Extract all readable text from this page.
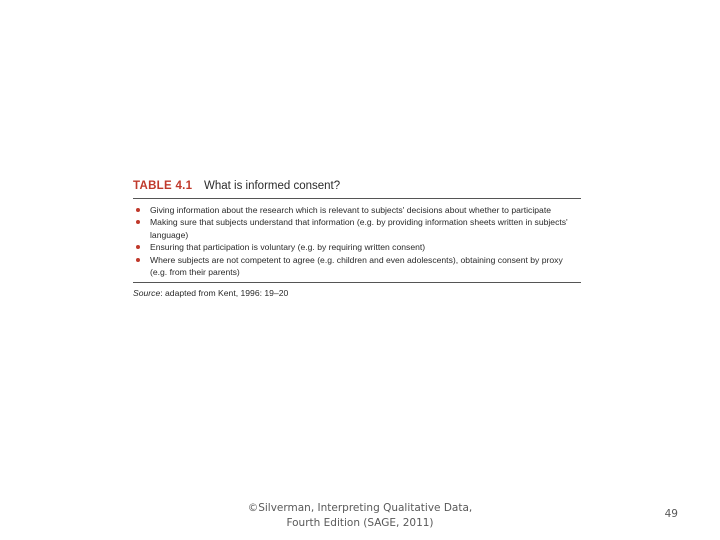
TABLE 4.1	What is informed consent?
Giving information about the research which is relevant to subjects' decisions about whether to participate
Making sure that subjects understand that information (e.g. by providing information sheets written in subjects' language)
Ensuring that participation is voluntary (e.g. by requiring written consent)
Where subjects are not competent to agree (e.g. children and even adolescents), obtaining consent by proxy (e.g. from their parents)
Source: adapted from Kent, 1996: 19–20
©Silverman, Interpreting Qualitative Data,
Fourth Edition (SAGE, 2011)
49
